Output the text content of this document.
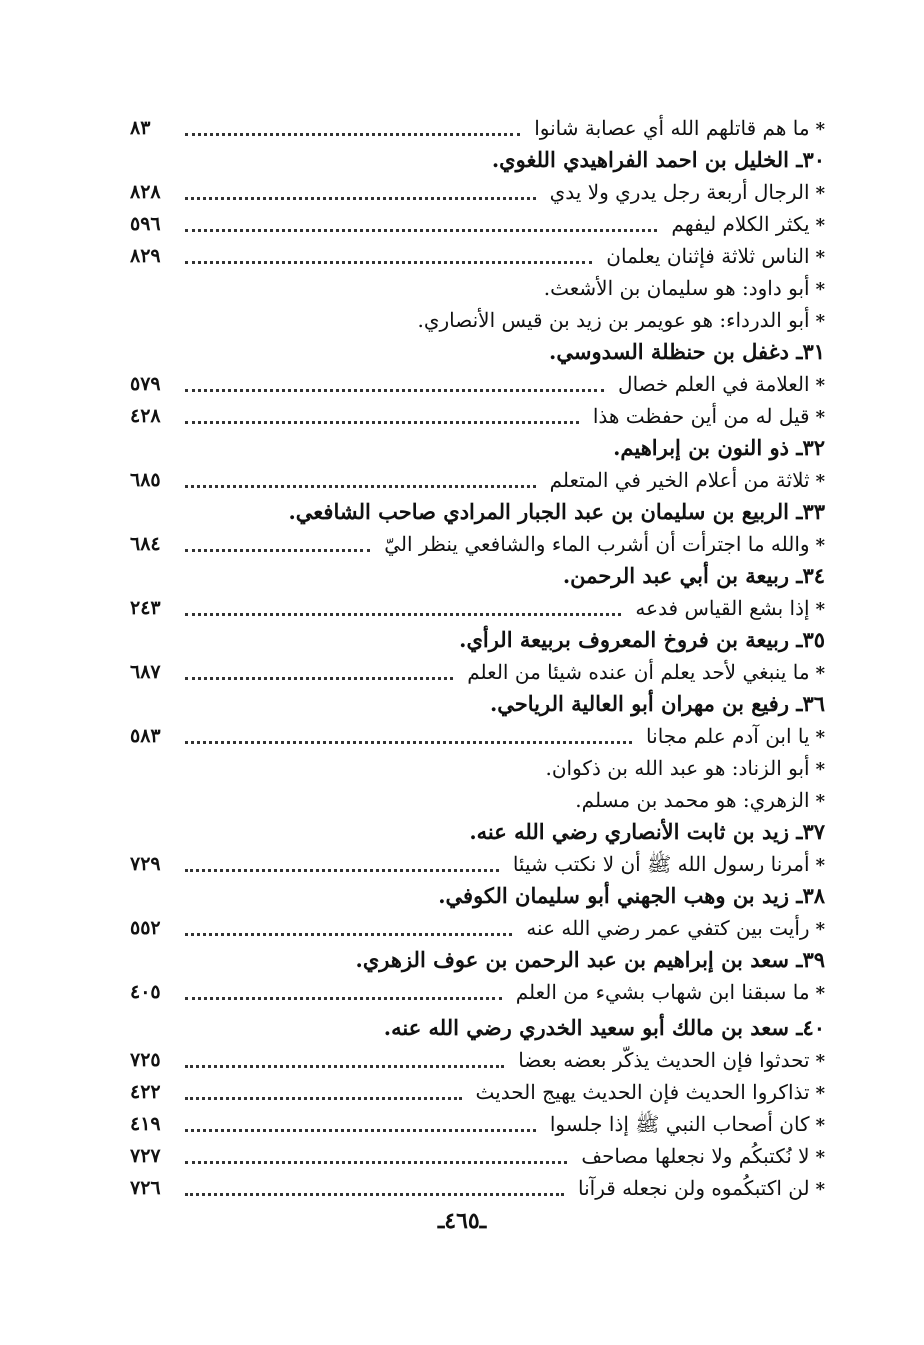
*ما هم قاتلهم الله أي عصابة شانوا
٨٣
٣٠ـ الخليل بن احمد الفراهيدي اللغوي.
*الرجال أربعة رجل يدري ولا يدي
٨٢٨
*يكثر الكلام ليفهم
٥٩٦
*الناس ثلاثة فإثنان يعلمان
٨٢٩
*أبو داود: هو سليمان بن الأشعث.
*أبو الدرداء: هو عويمر بن زيد بن قيس الأنصاري.
٣١ـ دغفل بن حنظلة السدوسي.
*العلامة في العلم خصال
٥٧٩
*قيل له من أين حفظت هذا
٤٢٨
٣٢ـ ذو النون بن إبراهيم.
*ثلاثة من أعلام الخير في المتعلم
٦٨٥
٣٣ـ الربيع بن سليمان بن عبد الجبار المرادي صاحب الشافعي.
*والله ما اجترأت أن أشرب الماء والشافعي ينظر اليّ
٦٨٤
٣٤ـ ربيعة بن أبي عبد الرحمن.
*إذا بشع القياس فدعه
٢٤٣
٣٥ـ ربيعة بن فروخ المعروف بربيعة الرأي.
*ما ينبغي لأحد يعلم أن عنده شيئا من العلم
٦٨٧
٣٦ـ رفيع بن مهران أبو العالية الرياحي.
*يا ابن آدم علم مجانا
٥٨٣
*أبو الزناد: هو عبد الله بن ذكوان.
*الزهري: هو محمد بن مسلم.
٣٧ـ زيد بن ثابت الأنصاري رضي الله عنه.
*أمرنا رسول الله ﷺ أن لا نكتب شيئا
٧٢٩
٣٨ـ زيد بن وهب الجهني أبو سليمان الكوفي.
*رأيت بين كتفي عمر رضي الله عنه
٥٥٢
٣٩ـ سعد بن إبراهيم بن عبد الرحمن بن عوف الزهري.
*ما سبقنا ابن شهاب بشيء من العلم
٤٠٥
٤٠ـ سعد بن مالك أبو سعيد الخدري رضي الله عنه.
*تحدثوا فإن الحديث يذكّر بعضه بعضا
٧٢٥
*تذاكروا الحديث فإن الحديث يهيج الحديث
٤٢٢
*كان أصحاب النبي ﷺ إذا جلسوا
٤١٩
*لا نُكتبكُم ولا نجعلها مصاحف
٧٢٧
*لن اكتبكُموه ولن نجعله قرآنا
٧٢٦
ـ٤٦٥ـ
